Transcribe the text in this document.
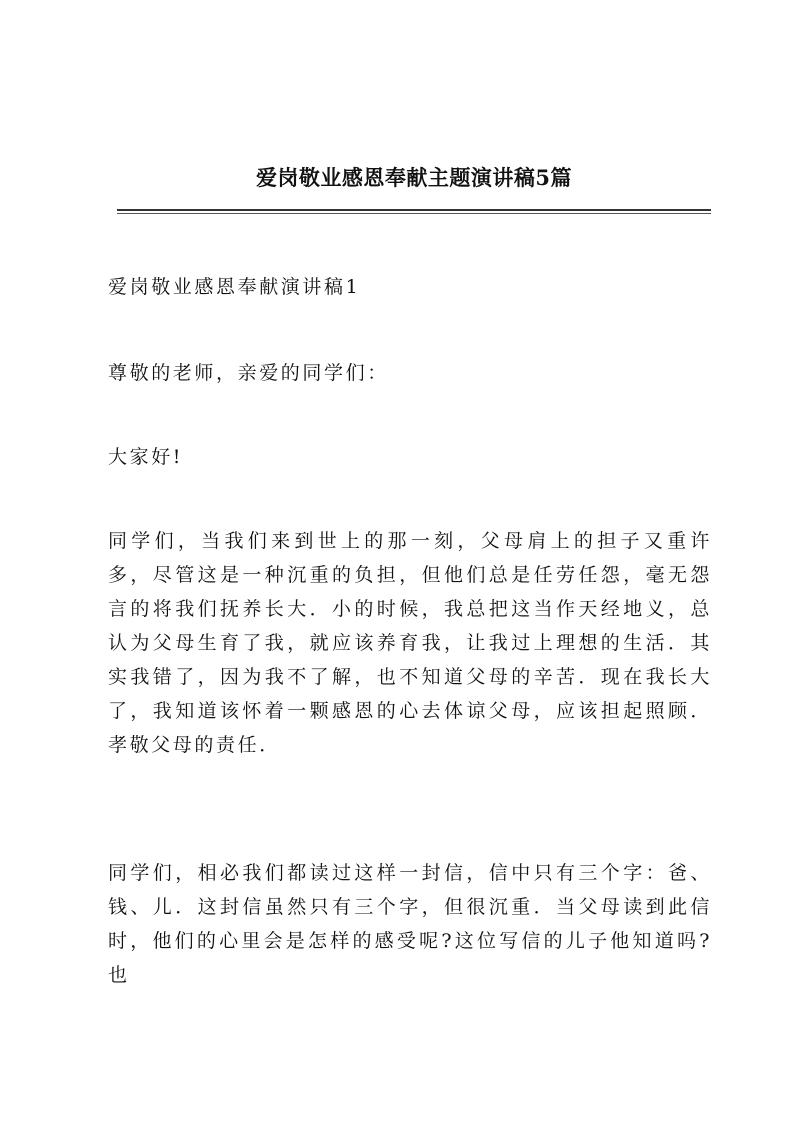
爱岗敬业感恩奉献主题演讲稿5篇

爱岗敬业感恩奉献演讲稿1

尊敬的老师，亲爱的同学们：

大家好!

同学们，当我们来到世上的那一刻，父母肩上的担子又重许多，尽管这是一种沉重的负担，但他们总是任劳任怨，毫无怨言的将我们抚养长大．小的时候，我总把这当作天经地义，总认为父母生育了我，就应该养育我，让我过上理想的生活．其实我错了，因为我不了解，也不知道父母的辛苦．现在我长大了，我知道该怀着一颗感恩的心去体谅父母，应该担起照顾．孝敬父母的责任．

同学们，相必我们都读过这样一封信，信中只有三个字：爸、钱、儿．这封信虽然只有三个字，但很沉重．当父母读到此信时，他们的心里会是怎样的感受呢?这位写信的儿子他知道吗?也
